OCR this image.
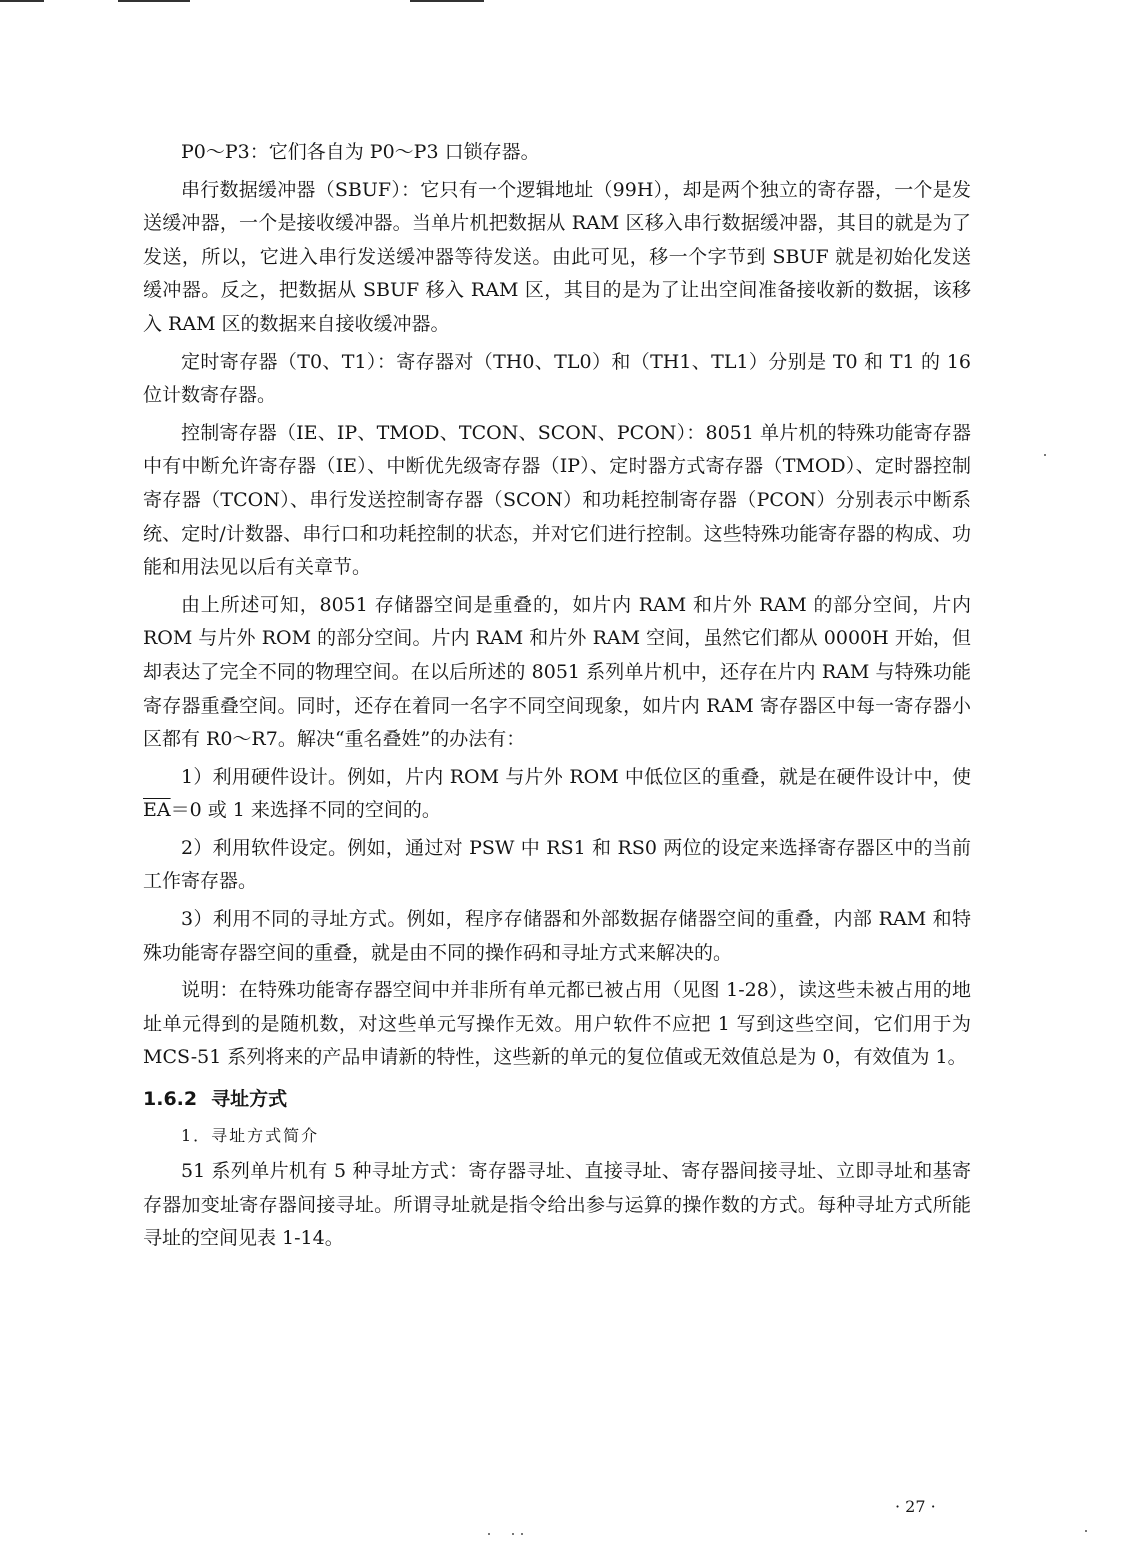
P0～P3：它们各自为 P0～P3 口锁存器。

串行数据缓冲器（SBUF）：它只有一个逻辑地址（99H），却是两个独立的寄存器，一个是发送缓冲器，一个是接收缓冲器。当单片机把数据从 RAM 区移入串行数据缓冲器，其目的就是为了发送，所以，它进入串行发送缓冲器等待发送。由此可见，移一个字节到 SBUF 就是初始化发送缓冲器。反之，把数据从 SBUF 移入 RAM 区，其目的是为了让出空间准备接收新的数据，该移入 RAM 区的数据来自接收缓冲器。

定时寄存器（T0、T1）：寄存器对（TH0、TL0）和（TH1、TL1）分别是 T0 和 T1 的 16 位计数寄存器。

控制寄存器（IE、IP、TMOD、TCON、SCON、PCON）：8051 单片机的特殊功能寄存器中有中断允许寄存器（IE）、中断优先级寄存器（IP）、定时器方式寄存器（TMOD）、定时器控制寄存器（TCON）、串行发送控制寄存器（SCON）和功耗控制寄存器（PCON）分别表示中断系统、定时/计数器、串行口和功耗控制的状态，并对它们进行控制。这些特殊功能寄存器的构成、功能和用法见以后有关章节。

由上所述可知，8051 存储器空间是重叠的，如片内 RAM 和片外 RAM 的部分空间，片内 ROM 与片外 ROM 的部分空间。片内 RAM 和片外 RAM 空间，虽然它们都从 0000H 开始，但却表达了完全不同的物理空间。在以后所述的 8051 系列单片机中，还存在片内 RAM 与特殊功能寄存器重叠空间。同时，还存在着同一名字不同空间现象，如片内 RAM 寄存器区中每一寄存器小区都有 R0～R7。解决“重名叠姓”的办法有：

1）利用硬件设计。例如，片内 ROM 与片外 ROM 中低位区的重叠，就是在硬件设计中，使$\overline{EA}=0$ 或 1 来选择不同的空间的。

2）利用软件设定。例如，通过对 PSW 中 RS1 和 RS0 两位的设定来选择寄存器区中的当前工作寄存器。

3）利用不同的寻址方式。例如，程序存储器和外部数据存储器空间的重叠，内部 RAM 和特殊功能寄存器空间的重叠，就是由不同的操作码和寻址方式来解决的。

说明：在特殊功能寄存器空间中并非所有单元都已被占用（见图 1-28），读这些未被占用的地址单元得到的是随机数，对这些单元写操作无效。用户软件不应把 1 写到这些空间，它们用于为 MCS-51 系列将来的产品申请新的特性，这些新的单元的复位值或无效值总是为 0，有效值为 1。

1.6.2 寻址方式

1．寻址方式简介

51 系列单片机有 5 种寻址方式：寄存器寻址、直接寻址、寄存器间接寻址、立即寻址和基寄存器加变址寄存器间接寻址。所谓寻址就是指令给出参与运算的操作数的方式。每种寻址方式所能寻址的空间见表 1-14。

· 27 ·
